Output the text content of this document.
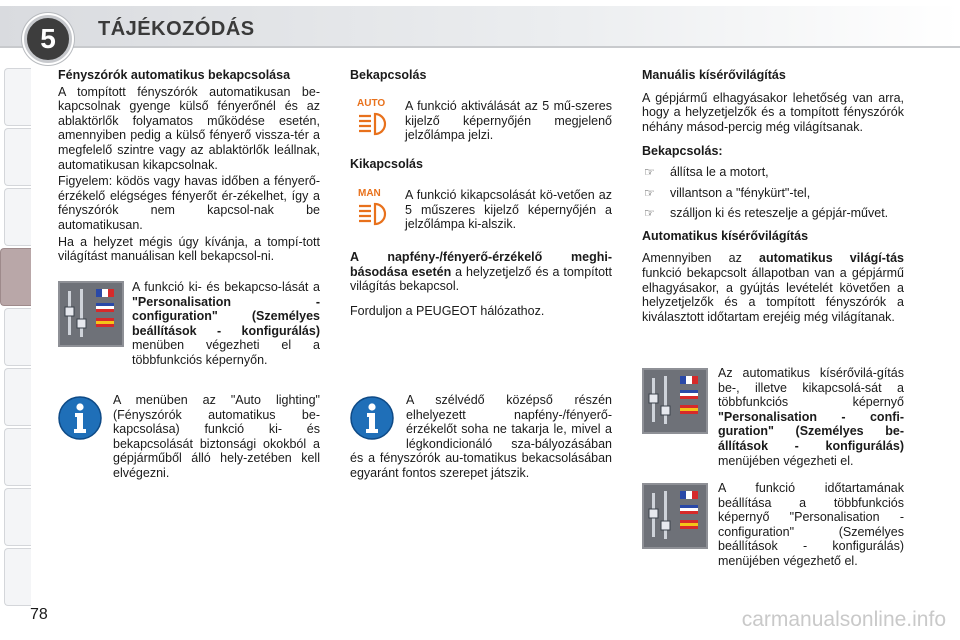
5	TÁJÉKOZÓDÁS

Fényszórók automatikus bekapcsolása

A tompított fényszórók automatikusan be-kapcsolnak gyenge külső fényerőnél és az ablaktörlők folyamatos működése esetén, amennyiben pedig a külső fényerő vissza-tér a megfelelő szintre vagy az ablaktörlők leállnak, automatikusan kikapcsolnak.

Figyelem: ködös vagy havas időben a fényerő-érzékelő elégséges fényerőt ér-zékelhet, így a fényszórók nem kapcsol-nak be automatikusan.

Ha a helyzet mégis úgy kívánja, a tompí-tott világítást manuálisan kell bekapcsol-ni.

A funkció ki- és bekapcso-lását a "Personalisation - configuration" (Személyes beállítások - konfigurálás) menüben végezheti el a többfunkciós képernyőn.
A menüben az "Auto lighting" (Fényszórók automatikus be-kapcsolása) funkció ki- és bekapcsolását biztonsági okokból a gépjárműből álló hely-zetében kell elvégezni.

Bekapcsolás

AUTO A funkció aktiválását az 5 mű-szeres kijelző képernyőjén megjelenő jelzőlámpa jelzi.

Kikapcsolás

MAN A funkció kikapcsolását kö-vetően az 5 műszeres kijelző képernyőjén a jelzőlámpa ki-alszik.

A napfény-/fényerő-érzékelő meghi-básodása esetén a helyzetjelző és a tompított világítás bekapcsol.

Forduljon a PEUGEOT hálózathoz.

A szélvédő középső részén elhelyezett napfény-/fényerő-érzékelőt soha ne takarja le, mivel a légkondicionáló sza-bályozásában és a fényszórók au-tomatikus bekacsolásában egyaránt fontos szerepet játszik.

Manuális kísérővilágítás

A gépjármű elhagyásakor lehetőség van arra, hogy a helyzetjelzők és a tompított fényszórók néhány másod-percig még világítsanak.

Bekapcsolás:

☞ állítsa le a motort,
☞ villantson a "fénykürt"-tel,
☞ szálljon ki és reteszelje a gépjár-művet.

Automatikus kísérővilágítás

Amennyiben az automatikus világí-tás funkció bekapcsolt állapotban van a gépjármű elhagyásakor, a gyújtás levételét követően a helyzetjelzők és a tompított fényszórók a kiválasztott időtartam erejéig még világítanak.

Az automatikus kísérővilá-gítás be-, illetve kikapcsolá-sát a többfunkciós képernyő "Personalisation - confi-guration" (Személyes be-állítások - konfigurálás) menüjében végezheti el.
A funkció időtartamának beállítása a többfunkciós képernyő "Personalisation - configuration" (Személyes beállítások - konfigurálás) menüjében végezhető el.
78	carmanualsonline.info
